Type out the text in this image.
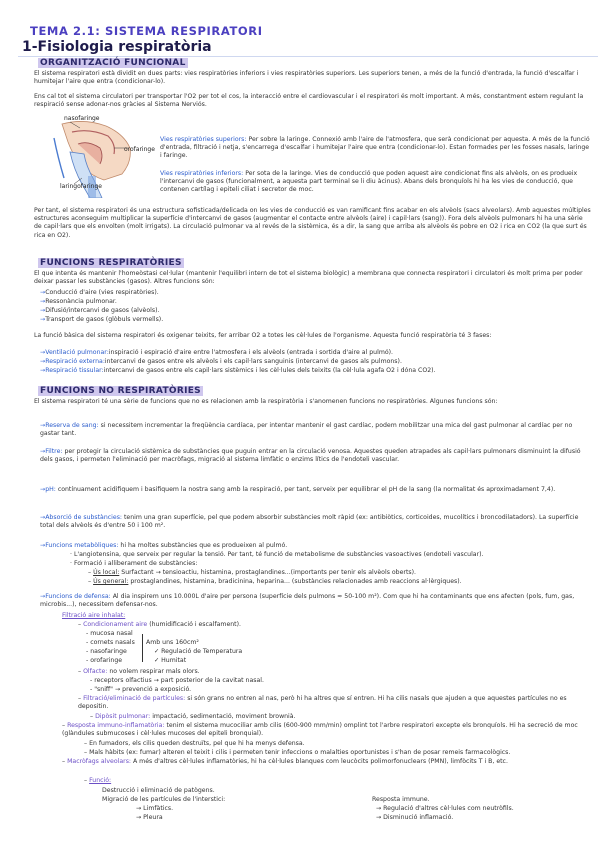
TEMA 2.1: SISTEMA RESPIRATORI
1-Fisiologia respiratòria
ORGANITZACIÓ FUNCIONAL
El sistema respiratori està dividit en dues parts: vies respiratòries inferiors i vies respiratòries superiors. Les superiors tenen, a més de la funció d'entrada, la funció d'escalfar i humitejar l'aire que entra (condicionar-lo).
Ens cal tot el sistema circulatori per transportar l'O2 per tot el cos, la interacció entre el cardiovascular i el respiratori és molt important. A més, constantment estem regulant la respiració sense adonar-nos gràcies al Sistema Nerviós.
nasofaringe
orofaringe
laringofaringe
Vies respiratòries superiors: Per sobre la laringe. Connexió amb l'aire de l'atmosfera, que serà condicionat per aquesta. A més de la funció d'entrada, filtració i netja, s'encarrega d'escalfar i humitejar l'aire que entra (condicionar-lo). Estan formades per les fosses nasals, laringe i faringe.
Vies respiratòries inferiors: Per sota de la laringe. Vies de conducció que poden aquest aire condicionat fins als alvèols, on es produeix l'intercanvi de gasos (funcionalment, a aquesta part terminal se li diu àcinus). Abans dels bronquíols hi ha les vies de conducció, que contenen cartílag i epiteli ciliat i secretor de moc.
Per tant, el sistema respiratori és una estructura sofisticada/delicada on les vies de conducció es van ramificant fins acabar en els alvèols (sacs alveolars). Amb aquestes múltiples estructures aconseguim multiplicar la superfície d'intercanvi de gasos (augmentar el contacte entre alvèols (aire) i capil·lars (sang)). Fora dels alvèols pulmonars hi ha una sèrie de capil·lars que els envolten (molt irrigats). La circulació pulmonar va al revés de la sistèmica, és a dir, la sang que arriba als alvèols és pobre en O2 i rica en CO2 (la que surt és rica en O2).
FUNCIONS RESPIRATÒRIES
El que intenta és mantenir l'homeòstasi cel·lular (mantenir l'equilibri intern de tot el sistema biològic) a membrana que connecta respiratori i circulatori és molt prima per poder deixar passar les substàncies (gasos). Altres funcions són:
→Conducció d'aire (vies respiratòries).
→Ressonància pulmonar.
→Difusió/intercanvi de gasos (alvèols).
→Transport de gasos (glòbuls vermells).
La funció bàsica del sistema respiratori és oxigenar teixits, fer arribar O2 a totes les cèl·lules de l'organisme. Aquesta funció respiratòria té 3 fases:
→Ventilació pulmonar:inspiració i espiració d'aire entre l'atmosfera i els alvèols (entrada i sortida d'aire al pulmó).
→Respiració externa:intercanvi de gasos entre els alvèols i els capil·lars sanguinis (intercanvi de gasos als pulmons).
→Respiració tissular:intercanvi de gasos entre els capil·lars sistèmics i les cèl·lules dels teixits (la cèl·lula agafa O2 i dóna CO2).
FUNCIONS NO RESPIRATÒRIES
El sistema respiratori té una sèrie de funcions que no es relacionen amb la respiratòria i s'anomenen funcions no respiratòries. Algunes funcions són:
→Reserva de sang: si necessitem incrementar la freqüència cardíaca, per intentar mantenir el gast cardíac, podem mobilitzar una mica del gast pulmonar al cardíac per no gastar tant.
→Filtre: per protegir la circulació sistèmica de substàncies que puguin entrar en la circulació venosa. Aquestes queden atrapades als capil·lars pulmonars disminuint la difusió dels gasos, i permeten l'eliminació per macròfags, migració al sistema limfàtic o enzims lítics de l'endoteli vascular.
→pH: contínuament acidifiquem i basifiquem la nostra sang amb la respiració, per tant, serveix per equilibrar el pH de la sang (la normalitat és aproximadament 7,4).
→Absorció de substàncies: tenim una gran superfície, pel que podem absorbir substàncies molt ràpid (ex: antibiòtics, corticoides, mucolítics i broncodilatadors). La superfície total dels alvèols és d'entre 50 i 100 m².
→Funcions metabòliques: hi ha moltes substàncies que es produeixen al pulmó.
· L'angiotensina, que serveix per regular la tensió. Per tant, té funció de metabolisme de substàncies vasoactives (endoteli vascular).
· Formació i alliberament de substàncies:
– Ús local: Surfactant → tensioactiu, histamina, prostaglandines...(importants per tenir els alvèols oberts).
– Ús general: prostaglandines, histamina, bradicinina, heparina... (substàncies relacionades amb reaccions al·lèrgiques).
→Funcions de defensa: Al dia inspirem uns 10.000L d'aire per persona (superfície dels pulmons ≈ 50-100 m²). Com que hi ha contaminants que ens afecten (pols, fum, gas, microbis...), necessitem defensar-nos.
Filtració aire inhalat:
– Condicionament aire (humidificació i escalfament).
- mucosa nasal
- cornets nasals
- nasofaringe
- orofaringe
Amb uns 160cm²
✓ Regulació de Temperatura
✓ Humitat
– Olfacte: no volem respirar mals olors.
- receptors olfactius → part posterior de la cavitat nasal.
- "sniff" → prevenció a exposició.
– Filtració/eliminació de partícules: si són grans no entren al nas, però hi ha altres que sí entren. Hi ha cilis nasals que ajuden a que aquestes partícules no es depositin.
– Dipòsit pulmonar: impactació, sedimentació, moviment brownià.
– Resposta immuno-inflamatòria: tenim el sistema mucociliar amb cilis (600-900 mm/min) omplint tot l'arbre respiratori excepte els bronquíols. Hi ha secreció de moc (glàndules submucoses i cèl·lules mucoses del epiteli bronquial).
– En fumadors, els cilis queden destruïts, pel que hi ha menys defensa.
– Mals hàbits (ex: fumar) alteren el teixit i cilis i permeten tenir infeccions o malalties oportunistes i s'han de posar remeis farmacològics.
– Macròfags alveolars: A més d'altres cèl·lules inflamatòries, hi ha cèl·lules blanques com leucòcits polimorfonuclears (PMN), limfòcits T i B, etc.
– Funció:
Destrucció i eliminació de patògens.
Migració de les partícules de l'interstici:
→ Limfàtics.
→ Pleura
Resposta immune.
→ Regulació d'altres cèl·lules com neutròfils.
→ Disminució inflamació.
